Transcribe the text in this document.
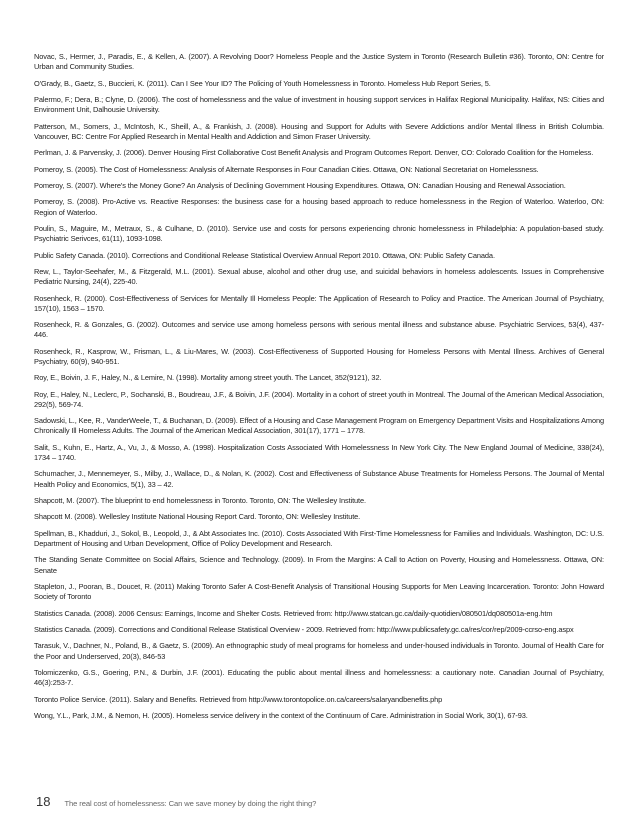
Novac, S., Hermer, J., Paradis, E., & Kellen, A. (2007). A Revolving Door? Homeless People and the Justice System in Toronto (Research Bulletin #36). Toronto, ON: Centre for Urban and Community Studies.
O'Grady, B., Gaetz, S., Buccieri, K. (2011). Can I See Your ID? The Policing of Youth Homelessness in Toronto. Homeless Hub Report Series, 5.
Palermo, F.; Dera, B.; Clyne, D. (2006). The cost of homelessness and the value of investment in housing support services in Halifax Regional Municipality. Halifax, NS: Cities and Environment Unit, Dalhousie University.
Patterson, M., Somers, J., McIntosh, K., Sheill, A., & Frankish, J. (2008). Housing and Support for Adults with Severe Addictions and/or Mental Illness in British Columbia. Vancouver, BC: Centre For Applied Research in Mental Health and Addiction and Simon Fraser University.
Perlman, J. & Parvensky, J. (2006). Denver Housing First Collaborative Cost Benefit Analysis and Program Outcomes Report. Denver, CO: Colorado Coalition for the Homeless.
Pomeroy, S. (2005). The Cost of Homelessness: Analysis of Alternate Responses in Four Canadian Cities. Ottawa, ON: National Secretariat on Homelessness.
Pomeroy, S. (2007). Where's the Money Gone? An Analysis of Declining Government Housing Expenditures. Ottawa, ON: Canadian Housing and Renewal Association.
Pomeroy, S. (2008). Pro-Active vs. Reactive Responses: the business case for a housing based approach to reduce homelessness in the Region of Waterloo. Waterloo, ON: Region of Waterloo.
Poulin, S., Maguire, M., Metraux, S., & Culhane, D. (2010). Service use and costs for persons experiencing chronic homelessness in Philadelphia: A population-based study. Psychiatric Serivces, 61(11), 1093-1098.
Public Safety Canada. (2010). Corrections and Conditional Release Statistical Overview Annual Report 2010. Ottawa, ON: Public Safety Canada.
Rew, L., Taylor-Seehafer, M., & Fitzgerald, M.L. (2001). Sexual abuse, alcohol and other drug use, and suicidal behaviors in homeless adolescents. Issues in Comprehensive Pediatric Nursing, 24(4), 225-40.
Rosenheck, R. (2000). Cost-Effectiveness of Services for Mentally Ill Homeless People: The Application of Research to Policy and Practice. The American Journal of Psychiatry, 157(10), 1563 – 1570.
Rosenheck, R. & Gonzales, G. (2002). Outcomes and service use among homeless persons with serious mental illness and substance abuse. Psychiatric Services, 53(4), 437-446.
Rosenheck, R., Kasprow, W., Frisman, L., & Liu-Mares, W. (2003). Cost-Effectiveness of Supported Housing for Homeless Persons with Mental Illness. Archives of General Psychiatry, 60(9), 940-951.
Roy, E., Boivin, J. F., Haley, N., & Lemire, N. (1998). Mortality among street youth. The Lancet, 352(9121), 32.
Roy, E., Haley, N., Leclerc, P., Sochanski, B., Boudreau, J.F., & Boivin, J.F. (2004). Mortality in a cohort of street youth in Montreal. The Journal of the American Medical Association, 292(5), 569-74.
Sadowski, L., Kee, R., VanderWeele, T., & Buchanan, D. (2009). Effect of a Housing and Case Management Program on Emergency Department Visits and Hospitalizations Among Chronically Ill Homeless Adults. The Journal of the American Medical Association, 301(17), 1771 – 1778.
Salit, S., Kuhn, E., Hartz, A., Vu, J., & Mosso, A. (1998). Hospitalization Costs Associated With Homelessness In New York City. The New England Journal of Medicine, 338(24), 1734 – 1740.
Schumacher, J., Mennemeyer, S., Milby, J., Wallace, D., & Nolan, K. (2002). Cost and Effectiveness of Substance Abuse Treatments for Homeless Persons. The Journal of Mental Health Policy and Economics, 5(1), 33 – 42.
Shapcott, M. (2007). The blueprint to end homelessness in Toronto. Toronto, ON: The Wellesley Institute.
Shapcott M. (2008). Wellesley Institute National Housing Report Card. Toronto, ON: Wellesley Institute.
Spellman, B., Khadduri, J., Sokol, B., Leopold, J., & Abt Associates Inc. (2010). Costs Associated With First-Time Homelessness for Families and Individuals. Washington, DC: U.S. Department of Housing and Urban Development, Office of Policy Development and Research.
The Standing Senate Committee on Social Affairs, Science and Technology. (2009). In From the Margins: A Call to Action on Poverty, Housing and Homelessness. Ottawa, ON: Senate
Stapleton, J., Pooran, B., Doucet, R. (2011) Making Toronto Safer A Cost-Benefit Analysis of Transitional Housing Supports for Men Leaving Incarceration. Toronto: John Howard Society of Toronto
Statistics Canada. (2008). 2006 Census: Earnings, Income and Shelter Costs. Retrieved from: http://www.statcan.gc.ca/daily-quotidien/080501/dq080501a-eng.htm
Statistics Canada. (2009). Corrections and Conditional Release Statistical Overview - 2009. Retrieved from: http://www.publicsafety.gc.ca/res/cor/rep/2009-ccrso-eng.aspx
Tarasuk, V., Dachner, N., Poland, B., & Gaetz, S. (2009). An ethnographic study of meal programs for homeless and under-housed individuals in Toronto. Journal of Health Care for the Poor and Underserved, 20(3), 846-53
Tolomiczenko, G.S., Goering, P.N., & Durbin, J.F. (2001). Educating the public about mental illness and homelessness: a cautionary note. Canadian Journal of Psychiatry, 46(3):253-7.
Toronto Police Service. (2011). Salary and Benefits. Retrieved from http://www.torontopolice.on.ca/careers/salaryandbenefits.php
Wong, Y.L., Park, J.M., & Nemon, H. (2005). Homeless service delivery in the context of the Continuum of Care. Administration in Social Work, 30(1), 67-93.
18 The real cost of homelessness: Can we save money by doing the right thing?
